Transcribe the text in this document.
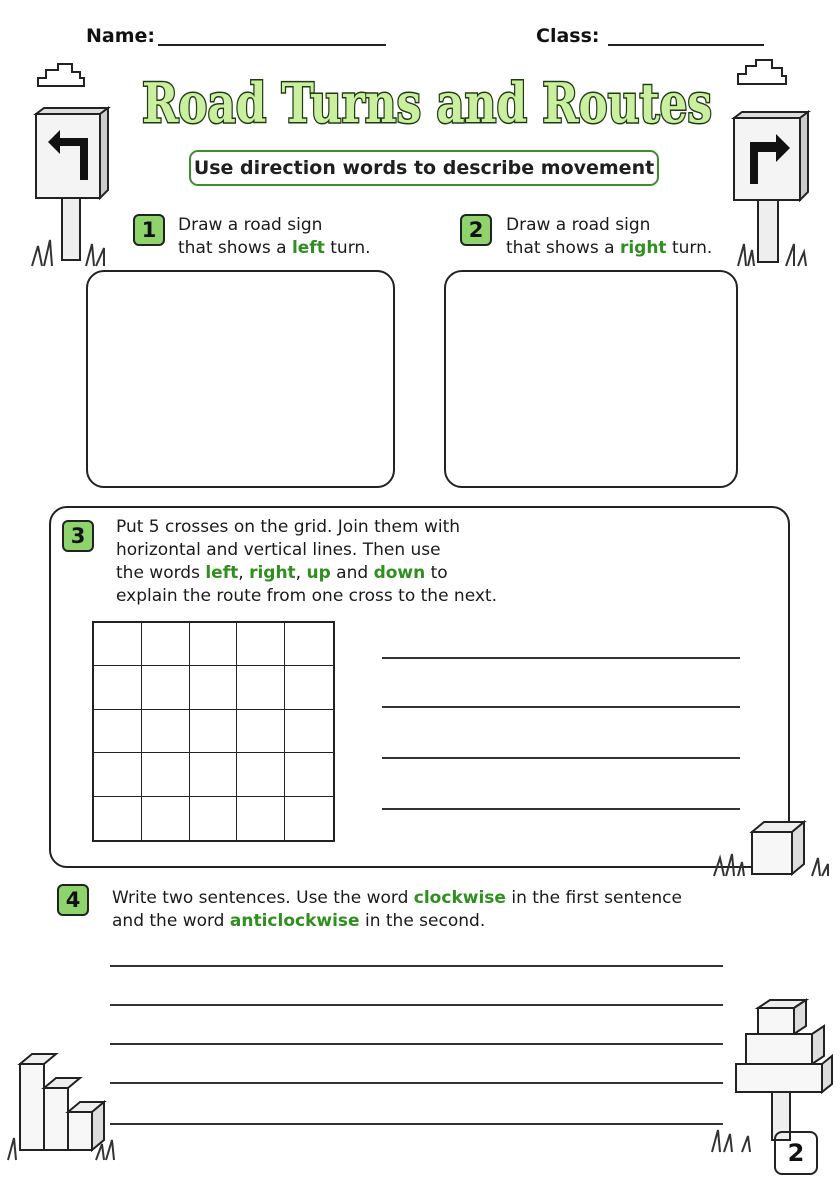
Name:	Class:
Road Turns and Routes
Use direction words to describe movement
1	Draw a road sign
that shows a left turn.
2	Draw a road sign
that shows a right turn.
3	Put 5 crosses on the grid. Join them with
horizontal and vertical lines. Then use
the words left, right, up and down to
explain the route from one cross to the next.
4	Write two sentences. Use the word clockwise in the first sentence
and the word anticlockwise in the second.
2
